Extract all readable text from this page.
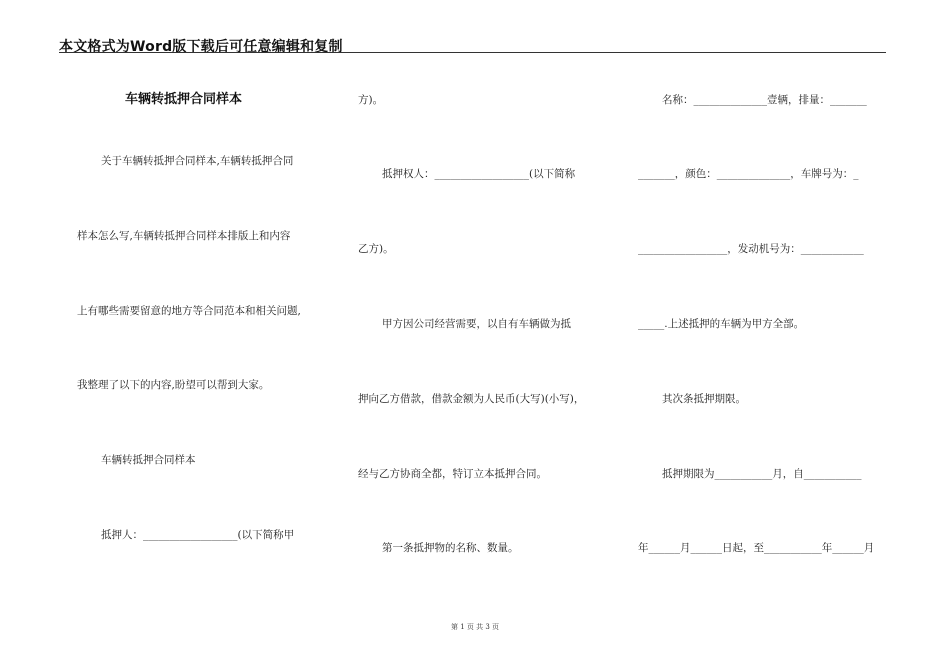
本文格式为Word版下载后可任意编辑和复制
车辆转抵押合同样本
关于车辆转抵押合同样本,车辆转抵押合同
样本怎么写,车辆转抵押合同样本排版上和内容
上有哪些需要留意的地方等合同范本和相关问题,
我整理了以下的内容,盼望可以帮到大家。
车辆转抵押合同样本
抵押人：__________________(以下简称甲
方)。
抵押权人：__________________(以下简称
乙方)。
甲方因公司经营需要，以自有车辆做为抵
押向乙方借款，借款金额为人民币(大写)(小写)，
经与乙方协商全都，特订立本抵押合同。
第一条抵押物的名称、数量。
名称：______________壹辆，排量：_______
_______，颜色：______________，车牌号为：_
_________________，发动机号为：____________
_____.上述抵押的车辆为甲方全部。
其次条抵押期限。
抵押期限为___________月，自___________
年______月______日起，至___________年______月
第 1 页 共 3 页
